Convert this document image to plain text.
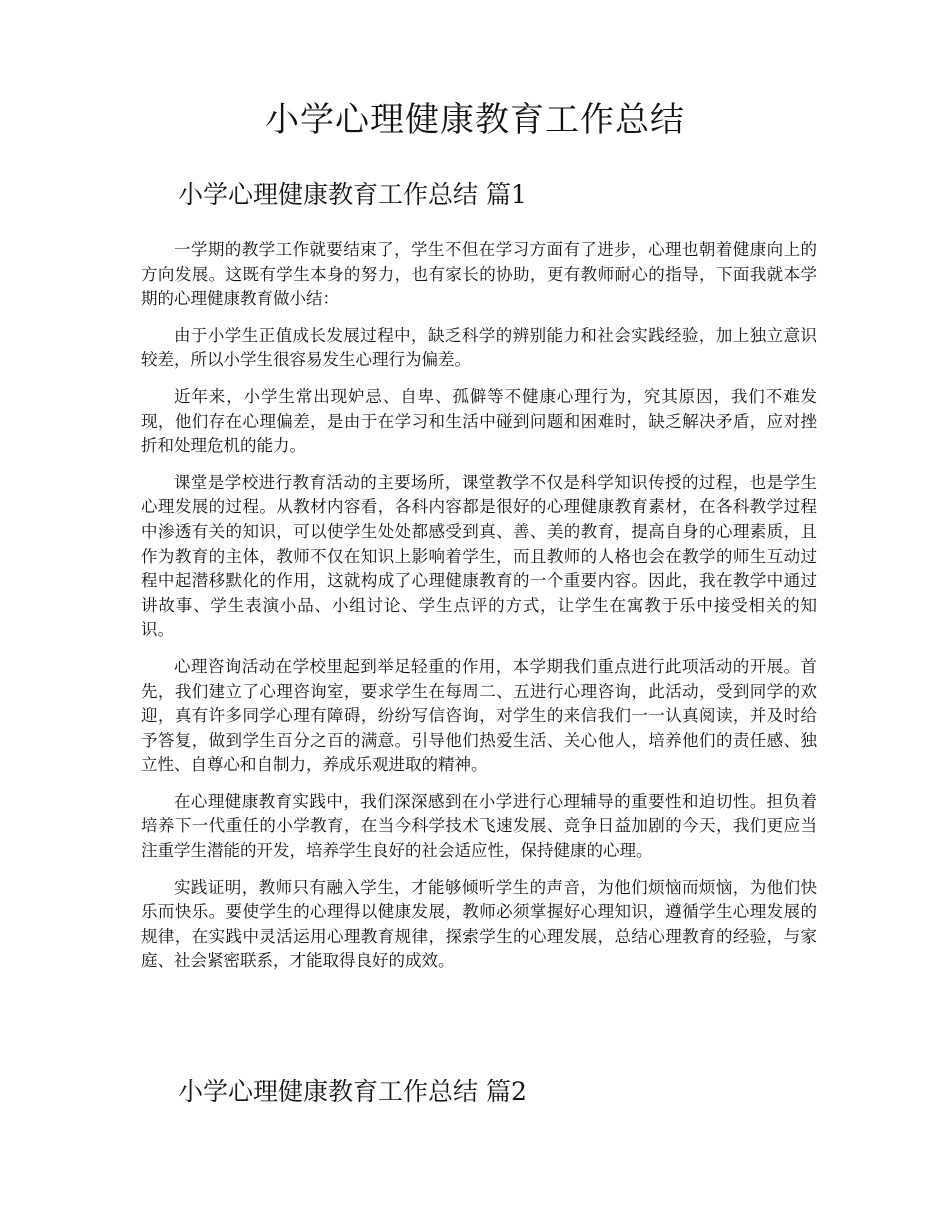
小学心理健康教育工作总结
小学心理健康教育工作总结 篇1

一学期的教学工作就要结束了，学生不但在学习方面有了进步，心理也朝着健康向上的方向发展。这既有学生本身的努力，也有家长的协助，更有教师耐心的指导，下面我就本学期的心理健康教育做小结：

由于小学生正值成长发展过程中，缺乏科学的辨别能力和社会实践经验，加上独立意识较差，所以小学生很容易发生心理行为偏差。

近年来，小学生常出现妒忌、自卑、孤僻等不健康心理行为，究其原因，我们不难发现，他们存在心理偏差，是由于在学习和生活中碰到问题和困难时，缺乏解决矛盾，应对挫折和处理危机的能力。

课堂是学校进行教育活动的主要场所，课堂教学不仅是科学知识传授的过程，也是学生心理发展的过程。从教材内容看，各科内容都是很好的心理健康教育素材，在各科教学过程中渗透有关的知识，可以使学生处处都感受到真、善、美的教育，提高自身的心理素质，且作为教育的主体，教师不仅在知识上影响着学生，而且教师的人格也会在教学的师生互动过程中起潜移默化的作用，这就构成了心理健康教育的一个重要内容。因此，我在教学中通过讲故事、学生表演小品、小组讨论、学生点评的方式，让学生在寓教于乐中接受相关的知识。

心理咨询活动在学校里起到举足轻重的作用，本学期我们重点进行此项活动的开展。首先，我们建立了心理咨询室，要求学生在每周二、五进行心理咨询，此活动，受到同学的欢迎，真有许多同学心理有障碍，纷纷写信咨询，对学生的来信我们一一认真阅读，并及时给予答复，做到学生百分之百的满意。引导他们热爱生活、关心他人，培养他们的责任感、独立性、自尊心和自制力，养成乐观进取的精神。

在心理健康教育实践中，我们深深感到在小学进行心理辅导的重要性和迫切性。担负着培养下一代重任的小学教育，在当今科学技术飞速发展、竞争日益加剧的今天，我们更应当注重学生潜能的开发，培养学生良好的社会适应性，保持健康的心理。

实践证明，教师只有融入学生，才能够倾听学生的声音，为他们烦恼而烦恼，为他们快乐而快乐。要使学生的心理得以健康发展，教师必须掌握好心理知识，遵循学生心理发展的规律，在实践中灵活运用心理教育规律，探索学生的心理发展，总结心理教育的经验，与家庭、社会紧密联系，才能取得良好的成效。

小学心理健康教育工作总结 篇2
